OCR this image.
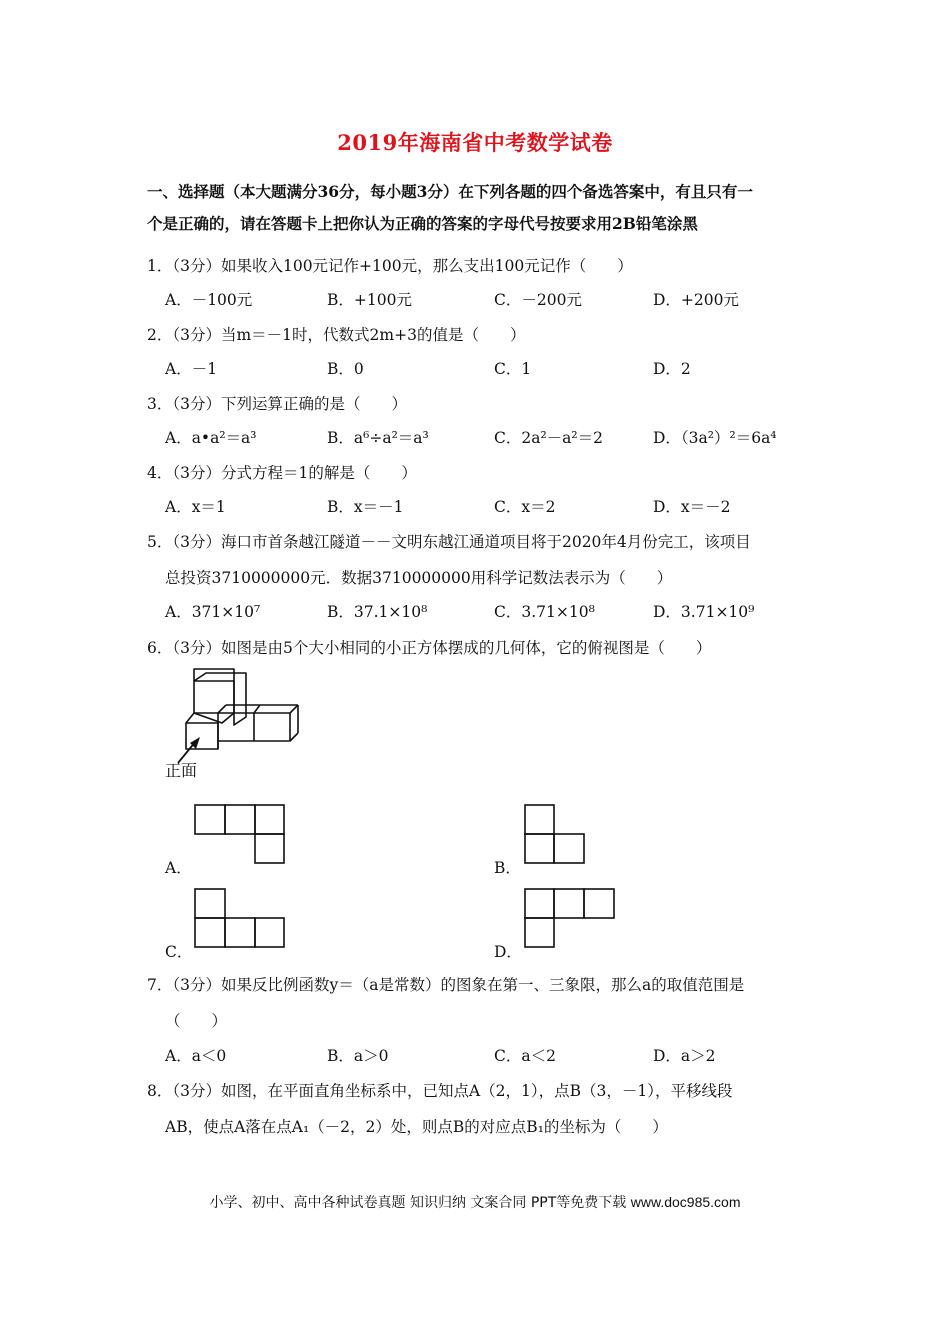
2019年海南省中考数学试卷
一、选择题（本大题满分36分，每小题3分）在下列各题的四个备选答案中，有且只有一
个是正确的，请在答题卡上把你认为正确的答案的字母代号按要求用2B铅笔涂黑
1．（3分）如果收入100元记作+100元，那么支出100元记作（　　）
A．－100元	B．+100元	C．－200元	D．+200元
2．（3分）当m＝－1时，代数式2m+3的值是（　　）
A．－1	B．0	C．1	D．2
3．（3分）下列运算正确的是（　　）
A．a•a²＝a³	B．a⁶÷a²＝a³	C．2a²－a²＝2	D．（3a²）²＝6a⁴
4．（3分）分式方程＝1的解是（　　）
A．x＝1	B．x＝－1	C．x＝2	D．x＝－2
5．（3分）海口市首条越江隧道－－文明东越江通道项目将于2020年4月份完工，该项目
总投资3710000000元．数据3710000000用科学记数法表示为（　　）
A．371×10⁷	B．37.1×10⁸	C．3.71×10⁸	D．3.71×10⁹
6．（3分）如图是由5个大小相同的小正方体摆成的几何体，它的俯视图是（　　）
正面
A．	B．
C．	D．
7．（3分）如果反比例函数y＝（a是常数）的图象在第一、三象限，那么a的取值范围是
（　　）
A．a＜0	B．a＞0	C．a＜2	D．a＞2
8．（3分）如图，在平面直角坐标系中，已知点A（2，1），点B（3，－1），平移线段
AB，使点A落在点A₁（－2，2）处，则点B的对应点B₁的坐标为（　　）
小学、初中、高中各种试卷真题 知识归纳 文案合同 PPT等免费下载 www.doc985.com
